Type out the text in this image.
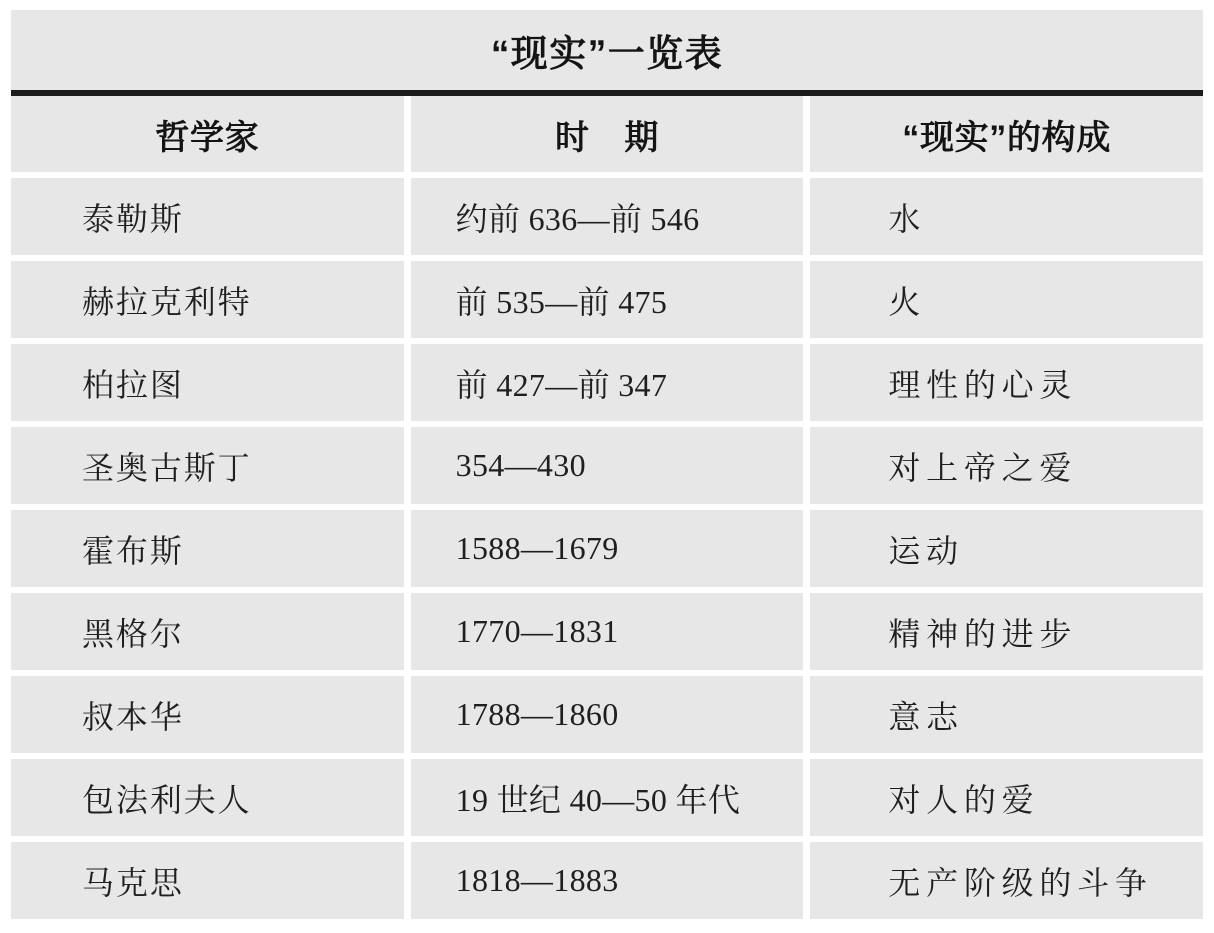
“现实”一览表
哲学家	时　期	“现实”的构成
泰勒斯	约前 636—前 546	水
赫拉克利特	前 535—前 475	火
柏拉图	前 427—前 347	理性的心灵
圣奥古斯丁	354—430	对上帝之爱
霍布斯	1588—1679	运动
黑格尔	1770—1831	精神的进步
叔本华	1788—1860	意志
包法利夫人	19 世纪 40—50 年代	对人的爱
马克思	1818—1883	无产阶级的斗争
